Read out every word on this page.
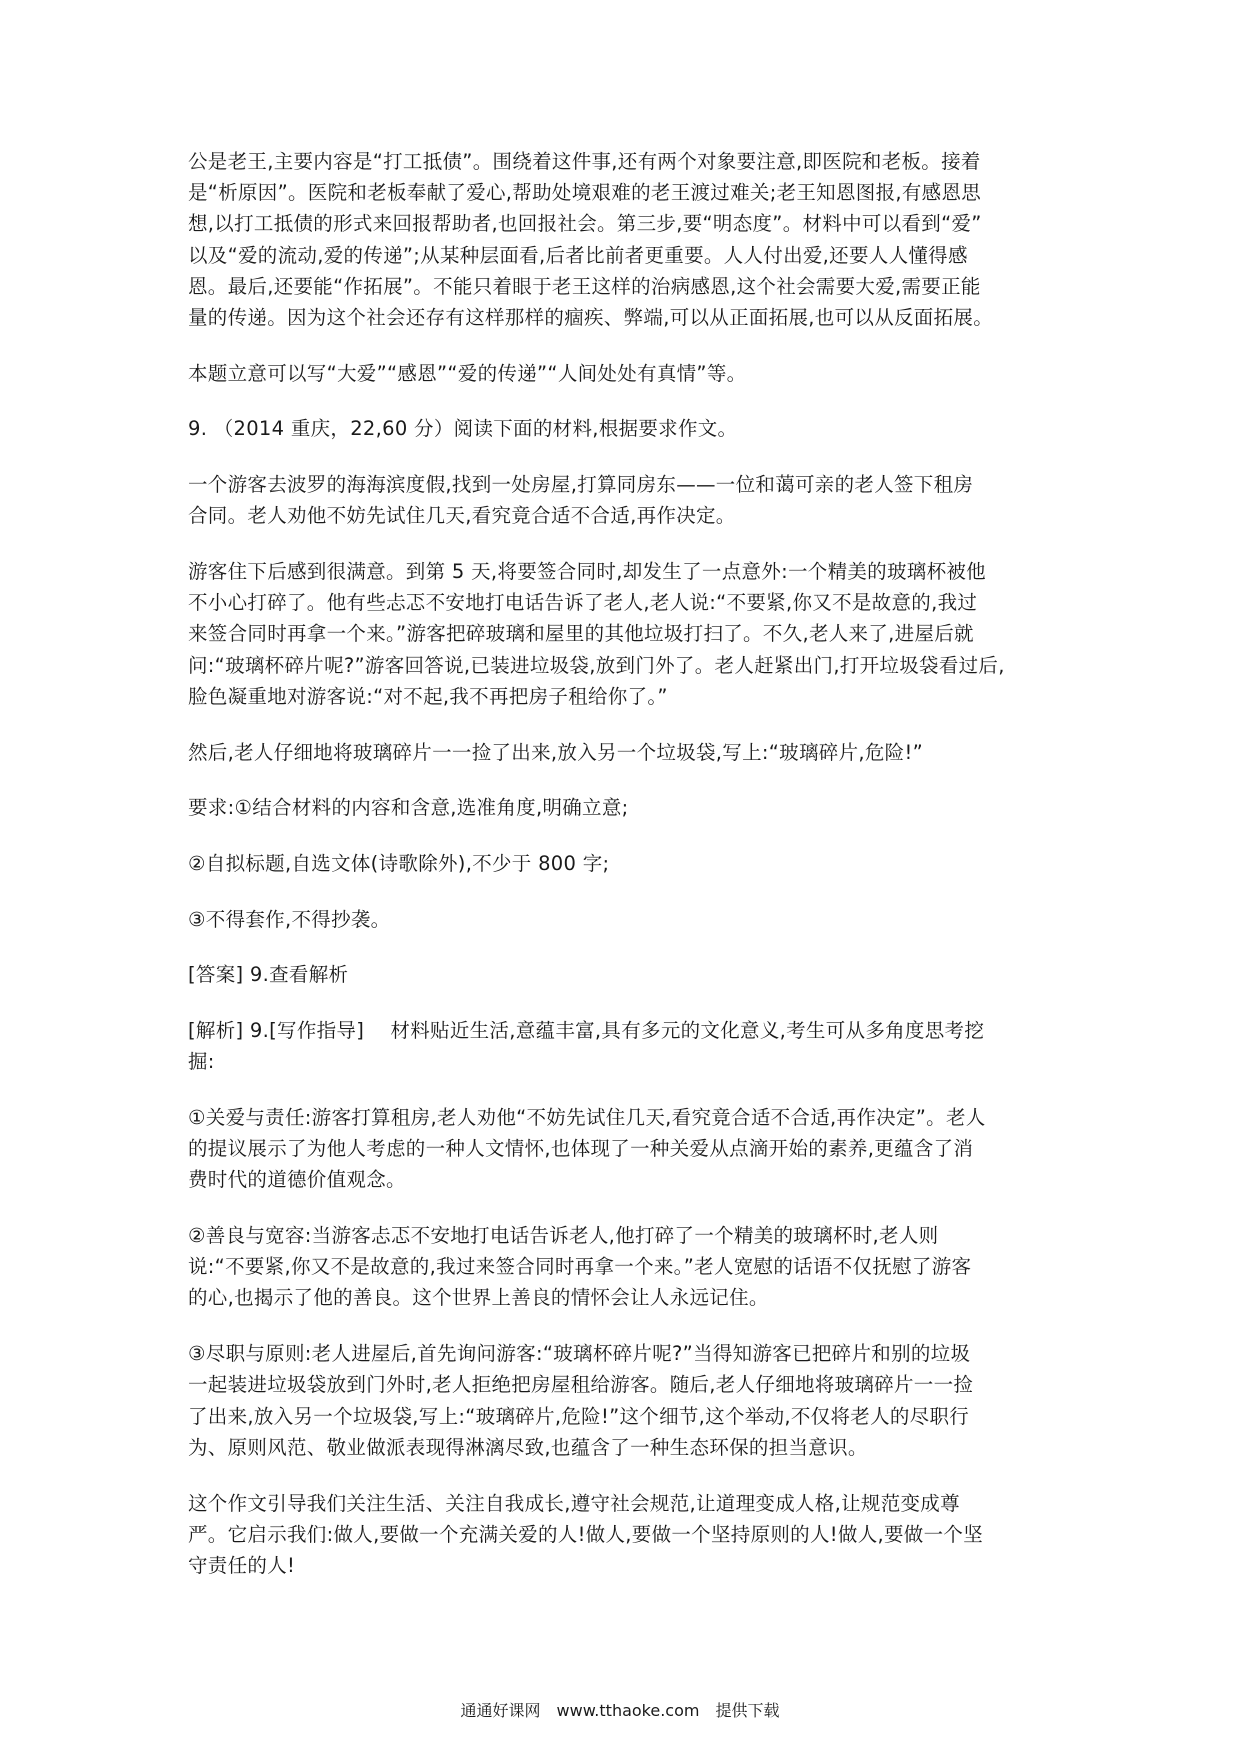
公是老王,主要内容是“打工抵债”。围绕着这件事,还有两个对象要注意,即医院和老板。接着
是“析原因”。医院和老板奉献了爱心,帮助处境艰难的老王渡过难关;老王知恩图报,有感恩思
想,以打工抵债的形式来回报帮助者,也回报社会。第三步,要“明态度”。材料中可以看到“爱”
以及“爱的流动,爱的传递”;从某种层面看,后者比前者更重要。人人付出爱,还要人人懂得感
恩。最后,还要能“作拓展”。不能只着眼于老王这样的治病感恩,这个社会需要大爱,需要正能
量的传递。因为这个社会还存有这样那样的痼疾、弊端,可以从正面拓展,也可以从反面拓展。

本题立意可以写“大爱”“感恩”“爱的传递”“人间处处有真情”等。

9. （2014 重庆，22,60 分）阅读下面的材料,根据要求作文。

一个游客去波罗的海海滨度假,找到一处房屋,打算同房东——一位和蔼可亲的老人签下租房
合同。老人劝他不妨先试住几天,看究竟合适不合适,再作决定。

游客住下后感到很满意。到第 5 天,将要签合同时,却发生了一点意外:一个精美的玻璃杯被他
不小心打碎了。他有些忐忑不安地打电话告诉了老人,老人说:“不要紧,你又不是故意的,我过
来签合同时再拿一个来。”游客把碎玻璃和屋里的其他垃圾打扫了。不久,老人来了,进屋后就
问:“玻璃杯碎片呢?”游客回答说,已装进垃圾袋,放到门外了。老人赶紧出门,打开垃圾袋看过后,
脸色凝重地对游客说:“对不起,我不再把房子租给你了。”

然后,老人仔细地将玻璃碎片一一捡了出来,放入另一个垃圾袋,写上:“玻璃碎片,危险!”

要求:①结合材料的内容和含意,选准角度,明确立意;

②自拟标题,自选文体(诗歌除外),不少于 800 字;

③不得套作,不得抄袭。

[答案] 9.查看解析

[解析] 9.[写作指导]　 材料贴近生活,意蕴丰富,具有多元的文化意义,考生可从多角度思考挖
掘:

①关爱与责任:游客打算租房,老人劝他“不妨先试住几天,看究竟合适不合适,再作决定”。老人
的提议展示了为他人考虑的一种人文情怀,也体现了一种关爱从点滴开始的素养,更蕴含了消
费时代的道德价值观念。

②善良与宽容:当游客忐忑不安地打电话告诉老人,他打碎了一个精美的玻璃杯时,老人则
说:“不要紧,你又不是故意的,我过来签合同时再拿一个来。”老人宽慰的话语不仅抚慰了游客
的心,也揭示了他的善良。这个世界上善良的情怀会让人永远记住。

③尽职与原则:老人进屋后,首先询问游客:“玻璃杯碎片呢?”当得知游客已把碎片和别的垃圾
一起装进垃圾袋放到门外时,老人拒绝把房屋租给游客。随后,老人仔细地将玻璃碎片一一捡
了出来,放入另一个垃圾袋,写上:“玻璃碎片,危险!”这个细节,这个举动,不仅将老人的尽职行
为、原则风范、敬业做派表现得淋漓尽致,也蕴含了一种生态环保的担当意识。

这个作文引导我们关注生活、关注自我成长,遵守社会规范,让道理变成人格,让规范变成尊
严。它启示我们:做人,要做一个充满关爱的人!做人,要做一个坚持原则的人!做人,要做一个坚
守责任的人!

通通好课网　www.tthaoke.com　提供下载
